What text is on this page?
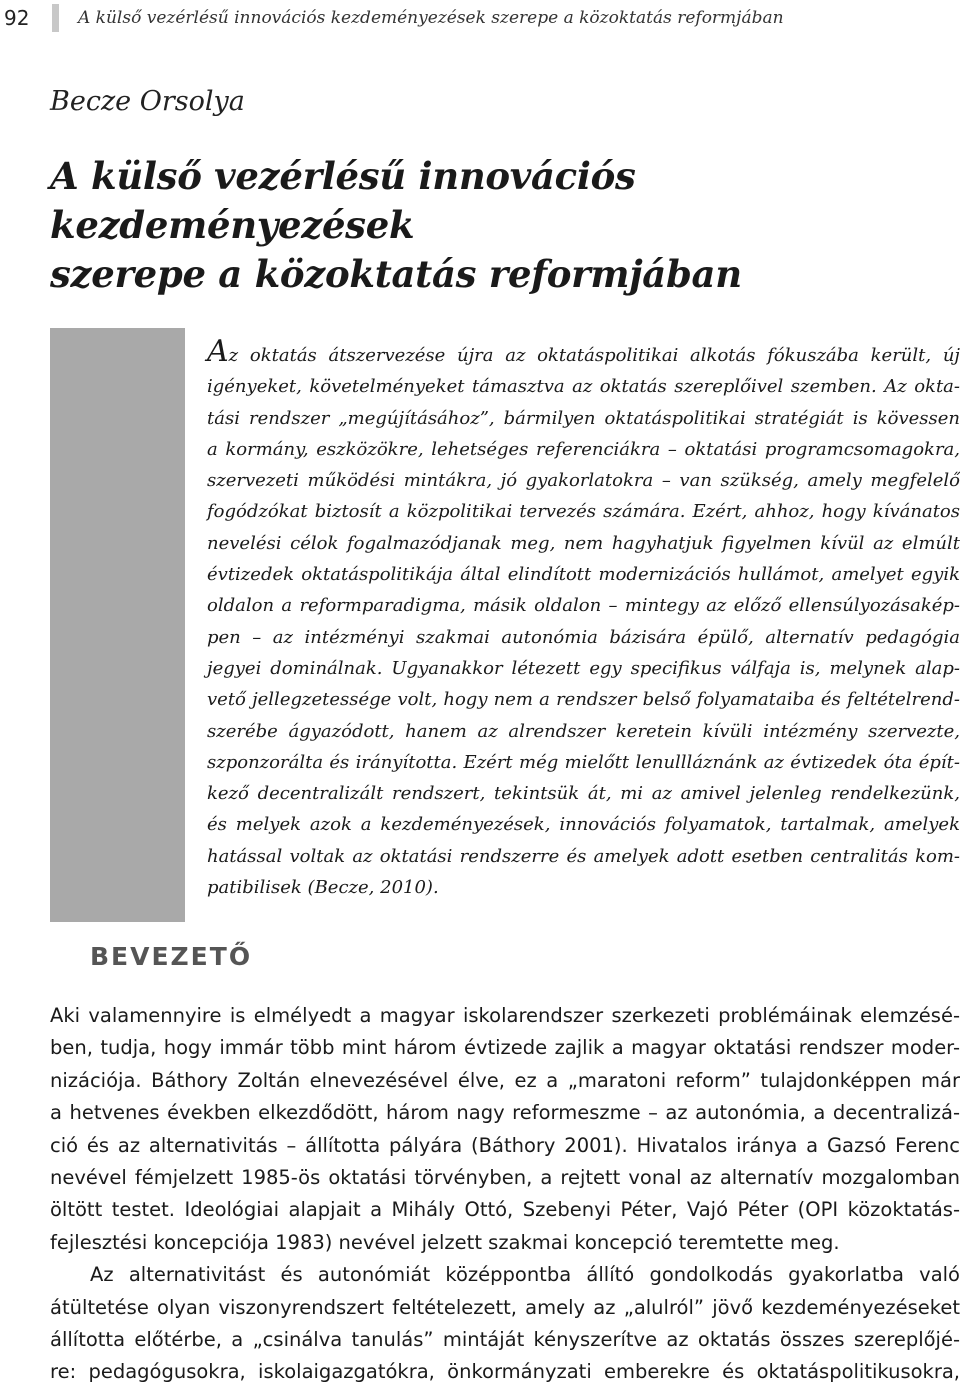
92	A külső vezérlésű innovációs kezdeményezések szerepe a közoktatás reformjában
Becze Orsolya
A külső vezérlésű innovációs kezdeményezések
szerepe a közoktatás reformjában
Az oktatás átszervezése újra az oktatáspolitikai alkotás fókuszába került, új
igényeket, követelményeket támasztva az oktatás szereplőivel szemben. Az okta-
tási rendszer „megújításához”, bármilyen oktatáspolitikai stratégiát is kövessen
a kormány, eszközökre, lehetséges referenciákra – oktatási programcsomagokra,
szervezeti működési mintákra, jó gyakorlatokra – van szükség, amely megfelelő
fogódzókat biztosít a közpolitikai tervezés számára. Ezért, ahhoz, hogy kívánatos
nevelési célok fogalmazódjanak meg, nem hagyhatjuk figyelmen kívül az elmúlt
évtizedek oktatáspolitikája által elindított modernizációs hullámot, amelyet egyik
oldalon a reformparadigma, másik oldalon – mintegy az előző ellensúlyozásakép-
pen – az intézményi szakmai autonómia bázisára épülő, alternatív pedagógia
jegyei dominálnak. Ugyanakkor létezett egy specifikus válfaja is, melynek alap-
vető jellegzetessége volt, hogy nem a rendszer belső folyamataiba és feltételrend-
szerébe ágyazódott, hanem az alrendszer keretein kívüli intézmény szervezte,
szponzorálta és irányította. Ezért még mielőtt lenullláznánk az évtizedek óta épít-
kező decentralizált rendszert, tekintsük át, mi az amivel jelenleg rendelkezünk,
és melyek azok a kezdeményezések, innovációs folyamatok, tartalmak, amelyek
hatással voltak az oktatási rendszerre és amelyek adott esetben centralitás kom-
patibilisek (Becze, 2010).
BEVEZETŐ
Aki valamennyire is elmélyedt a magyar iskolarendszer szerkezeti problémáinak elemzésé-
ben, tudja, hogy immár több mint három évtizede zajlik a magyar oktatási rendszer moder-
nizációja. Báthory Zoltán elnevezésével élve, ez a „maratoni reform” tulajdonképpen már
a hetvenes években elkezdődött, három nagy reformeszme – az autonómia, a decentralizá-
ció és az alternativitás – állította pályára (Báthory 2001). Hivatalos iránya a Gazsó Ferenc
nevével fémjelzett 1985-ös oktatási törvényben, a rejtett vonal az alternatív mozgalomban
öltött testet. Ideológiai alapjait a Mihály Ottó, Szebenyi Péter, Vajó Péter (OPI közoktatás-
fejlesztési koncepciója 1983) nevével jelzett szakmai koncepció teremtette meg.
Az alternativitást és autonómiát középpontba állító gondolkodás gyakorlatba való
átültetése olyan viszonyrendszert feltételezett, amely az „alulról” jövő kezdeményezéseket
állította előtérbe, a „csinálva tanulás” mintáját kényszerítve az oktatás összes szereplőjé-
re: pedagógusokra, iskolaigazgatókra, önkormányzati emberekre és oktatáspolitikusokra,
